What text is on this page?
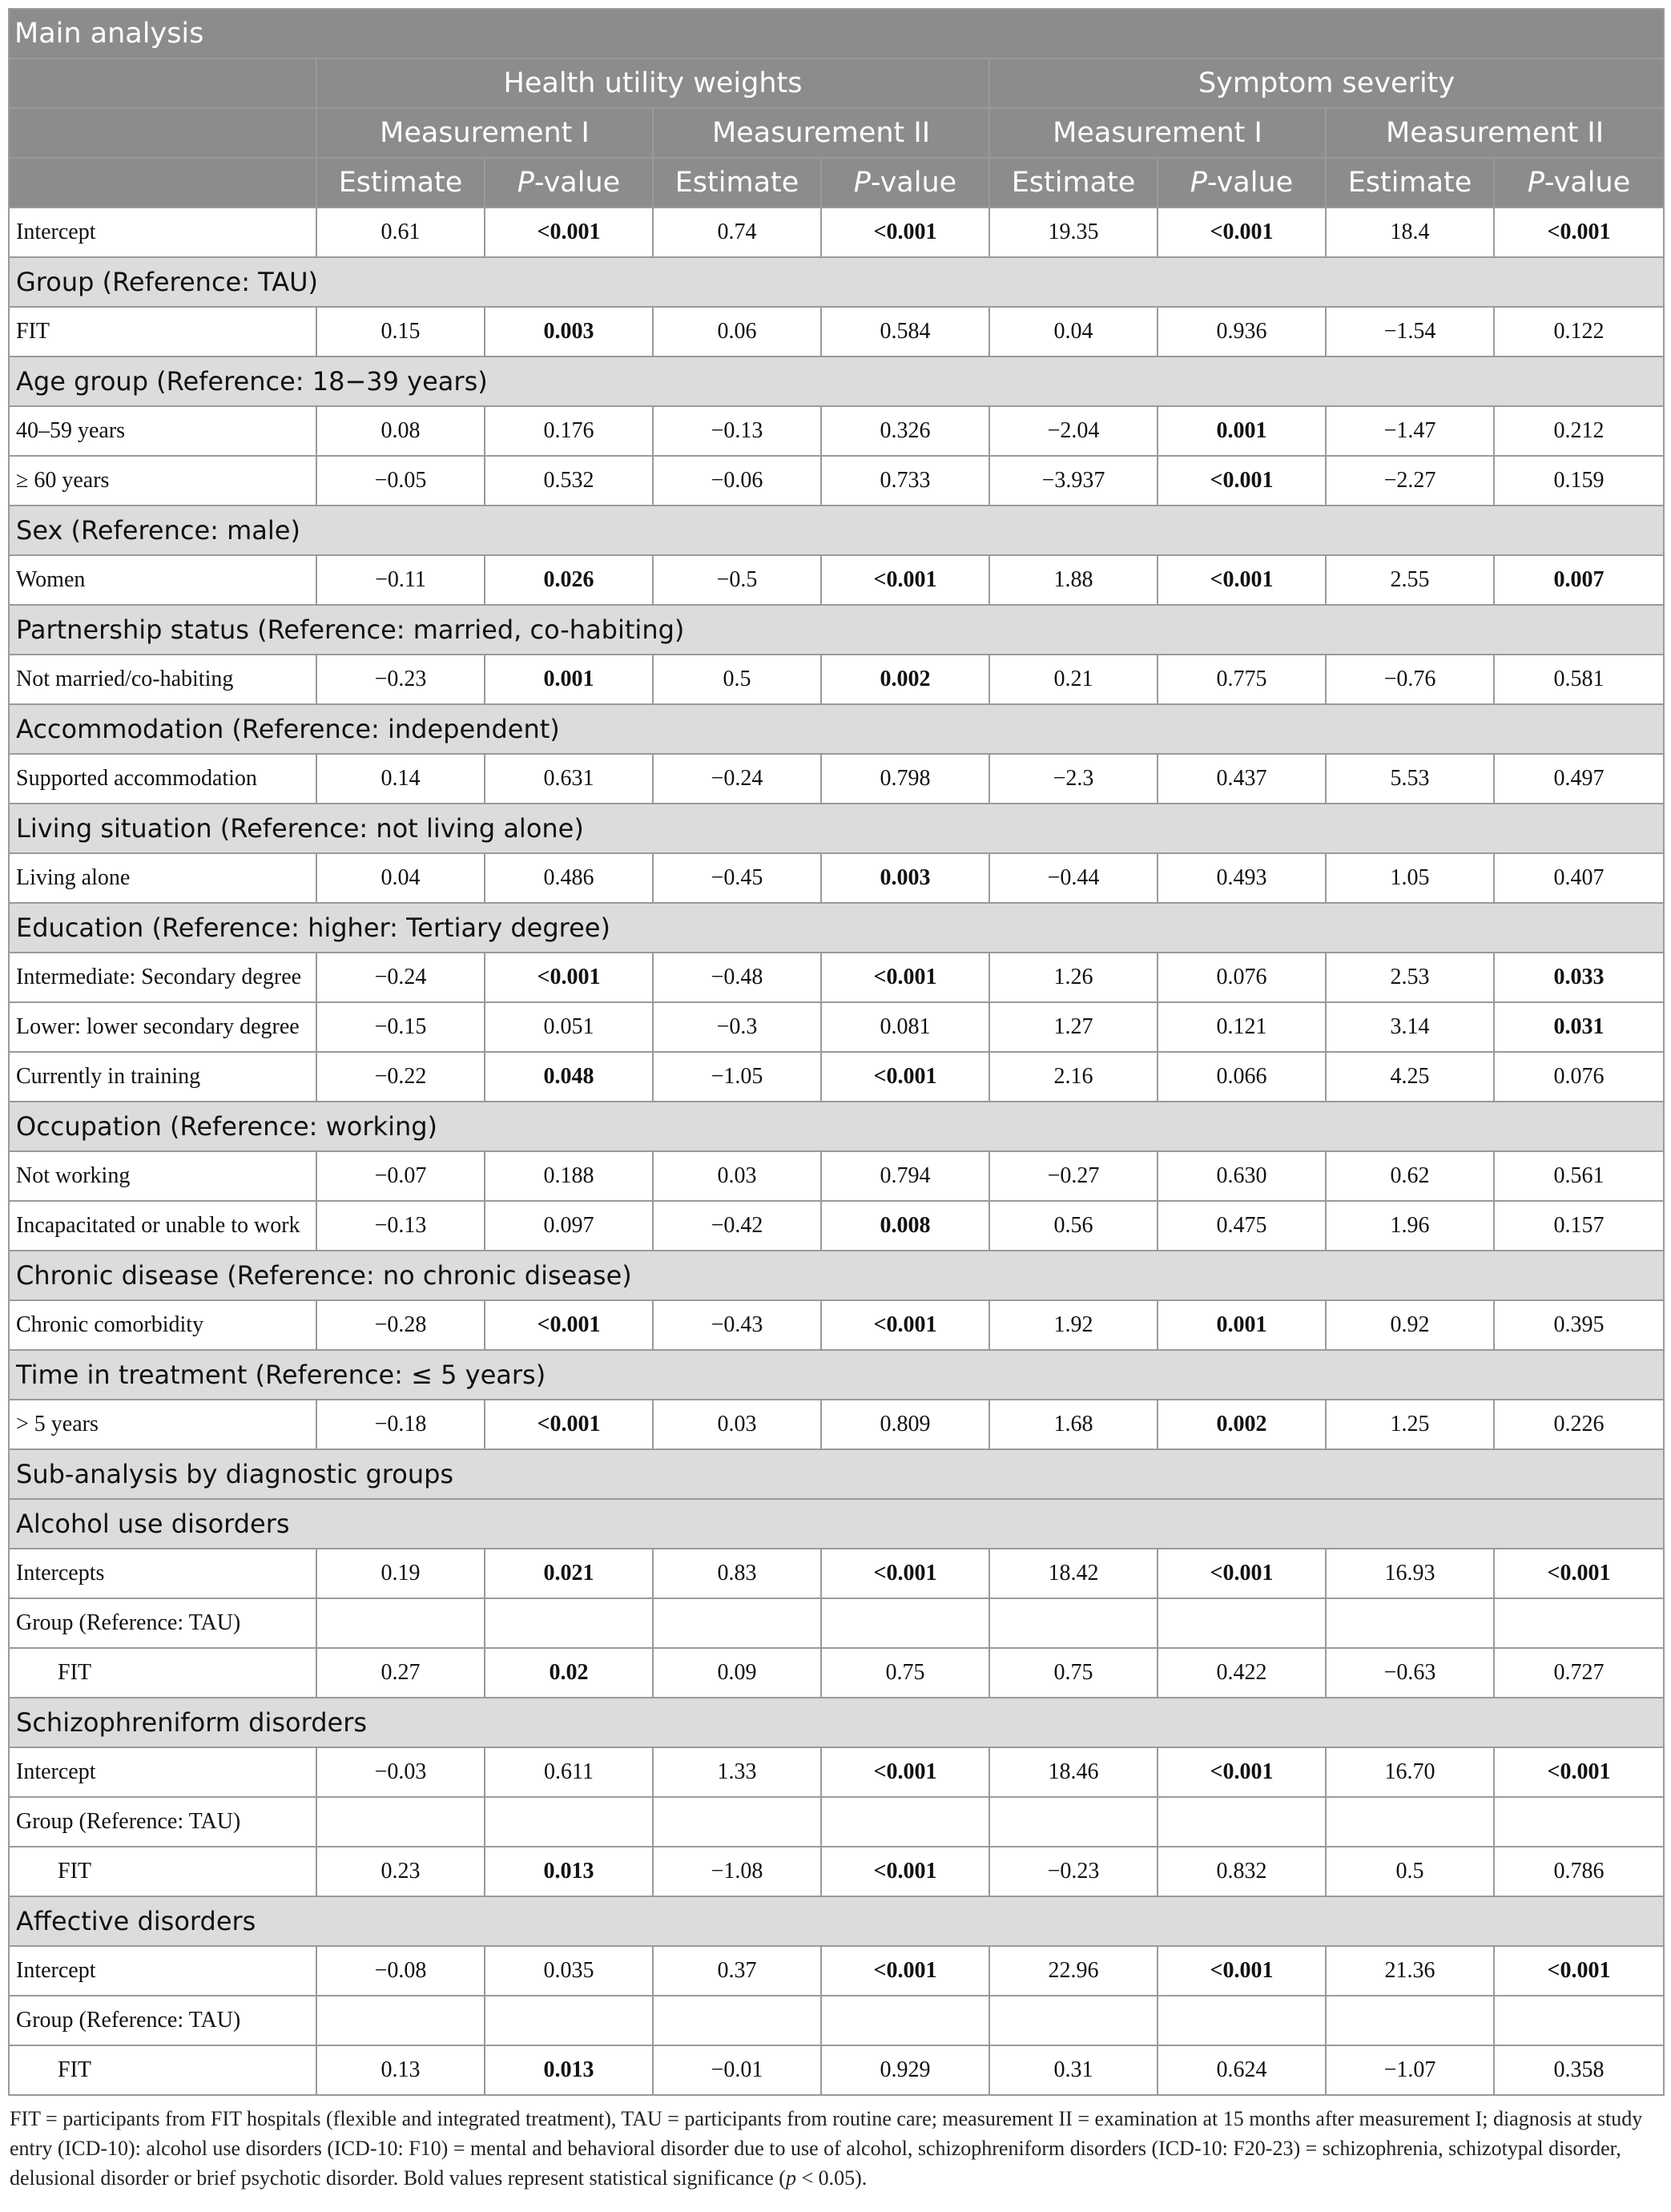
Main analysis								
	Health utility weights				Symptom severity			
	Measurement I		Measurement II		Measurement I		Measurement II	
	Estimate	P-value	Estimate	P-value	Estimate	P-value	Estimate	P-value
Intercept	0.61	<0.001	0.74	<0.001	19.35	<0.001	18.4	<0.001
Group (Reference: TAU)								
FIT	0.15	0.003	0.06	0.584	0.04	0.936	−1.54	0.122
Age group (Reference: 18−39 years)								
40–59 years	0.08	0.176	−0.13	0.326	−2.04	0.001	−1.47	0.212
≥ 60 years	−0.05	0.532	−0.06	0.733	−3.937	<0.001	−2.27	0.159
Sex (Reference: male)								
Women	−0.11	0.026	−0.5	<0.001	1.88	<0.001	2.55	0.007
Partnership status (Reference: married, co-habiting)								
Not married/co-habiting	−0.23	0.001	0.5	0.002	0.21	0.775	−0.76	0.581
Accommodation (Reference: independent)								
Supported accommodation	0.14	0.631	−0.24	0.798	−2.3	0.437	5.53	0.497
Living situation (Reference: not living alone)								
Living alone	0.04	0.486	−0.45	0.003	−0.44	0.493	1.05	0.407
Education (Reference: higher: Tertiary degree)								
Intermediate: Secondary degree	−0.24	<0.001	−0.48	<0.001	1.26	0.076	2.53	0.033
Lower: lower secondary degree	−0.15	0.051	−0.3	0.081	1.27	0.121	3.14	0.031
Currently in training	−0.22	0.048	−1.05	<0.001	2.16	0.066	4.25	0.076
Occupation (Reference: working)								
Not working	−0.07	0.188	0.03	0.794	−0.27	0.630	0.62	0.561
Incapacitated or unable to work	−0.13	0.097	−0.42	0.008	0.56	0.475	1.96	0.157
Chronic disease (Reference: no chronic disease)								
Chronic comorbidity	−0.28	<0.001	−0.43	<0.001	1.92	0.001	0.92	0.395
Time in treatment (Reference: ≤ 5 years)								
> 5 years	−0.18	<0.001	0.03	0.809	1.68	0.002	1.25	0.226
Sub-analysis by diagnostic groups								
Alcohol use disorders								
Intercepts	0.19	0.021	0.83	<0.001	18.42	<0.001	16.93	<0.001
Group (Reference: TAU)								
FIT	0.27	0.02	0.09	0.75	0.75	0.422	−0.63	0.727
Schizophreniform disorders								
Intercept	−0.03	0.611	1.33	<0.001	18.46	<0.001	16.70	<0.001
Group (Reference: TAU)								
FIT	0.23	0.013	−1.08	<0.001	−0.23	0.832	0.5	0.786
Affective disorders								
Intercept	−0.08	0.035	0.37	<0.001	22.96	<0.001	21.36	<0.001
Group (Reference: TAU)								
FIT	0.13	0.013	−0.01	0.929	0.31	0.624	−1.07	0.358
FIT = participants from FIT hospitals (flexible and integrated treatment), TAU = participants from routine care; measurement II = examination at 15 months after measurement I; diagnosis at study entry (ICD-10): alcohol use disorders (ICD-10: F10) = mental and behavioral disorder due to use of alcohol, schizophreniform disorders (ICD-10: F20-23) = schizophrenia, schizotypal disorder, delusional disorder or brief psychotic disorder. Bold values represent statistical significance (p < 0.05).
